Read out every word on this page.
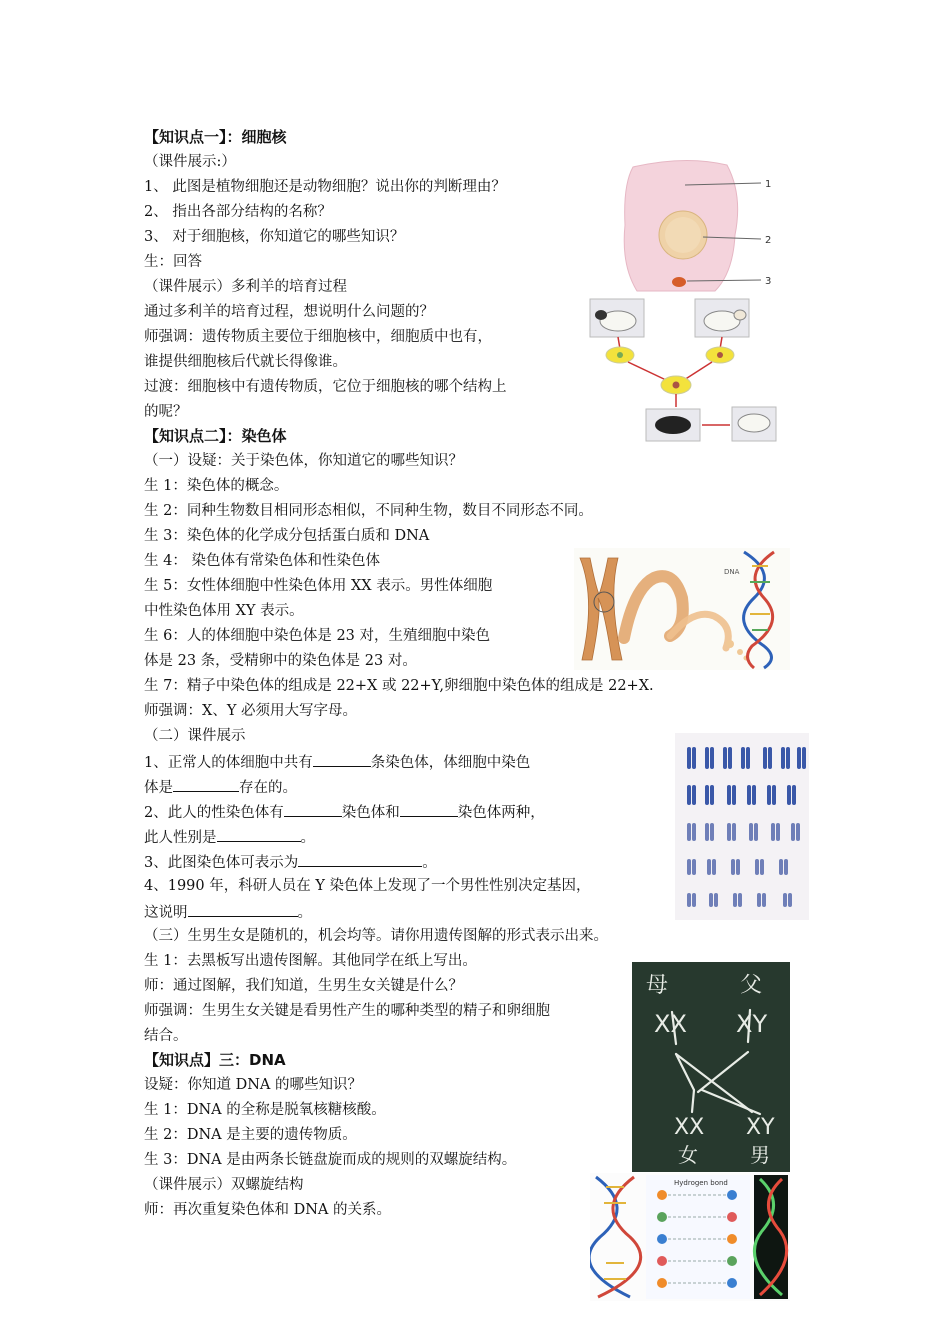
【知识点一】：细胞核
（课件展示:）
1、 此图是植物细胞还是动物细胞？说出你的判断理由？
2、 指出各部分结构的名称？
3、 对于细胞核，你知道它的哪些知识？
生：回答
（课件展示）多利羊的培育过程
通过多利羊的培育过程，想说明什么问题的？
师强调：遗传物质主要位于细胞核中，细胞质中也有，
谁提供细胞核后代就长得像谁。
过渡：细胞核中有遗传物质，它位于细胞核的哪个结构上
的呢？
【知识点二】：染色体
（一）设疑：关于染色体，你知道它的哪些知识？
生 1：染色体的概念。
生 2：同种生物数目相同形态相似，不同种生物，数目不同形态不同。
生 3：染色体的化学成分包括蛋白质和 DNA
生 4： 染色体有常染色体和性染色体
生 5：女性体细胞中性染色体用 XX 表示。男性体细胞
中性染色体用 XY 表示。
生 6：人的体细胞中染色体是 23 对，生殖细胞中染色
体是 23 条，受精卵中的染色体是 23 对。
生 7：精子中染色体的组成是 22+X 或 22+Y,卵细胞中染色体的组成是 22+X.
师强调：X、Y 必须用大写字母。
（二）课件展示
1、正常人的体细胞中共有	条染色体，体细胞中染色
体是	存在的。
2、此人的性染色体有	染色体和	染色体两种，
此人性别是	。
3、此图染色体可表示为	。
4、1990 年，科研人员在 Y 染色体上发现了一个男性性别决定基因，
这说明	。
（三）生男生女是随机的，机会均等。请你用遗传图解的形式表示出来。
生 1：去黑板写出遗传图解。其他同学在纸上写出。
师：通过图解，我们知道，生男生女关键是什么？
师强调：生男生女关键是看男性产生的哪种类型的精子和卵细胞
结合。
【知识点】三：DNA
设疑：你知道 DNA 的哪些知识？
生 1：DNA 的全称是脱氧核糖核酸。
生 2：DNA 是主要的遗传物质。
生 3：DNA 是由两条长链盘旋而成的规则的双螺旋结构。
（课件展示）双螺旋结构
师：再次重复染色体和 DNA 的关系。
1
2
3
DNA
母	父
XX XY
XX XY
女	男
Hydrogen bond
